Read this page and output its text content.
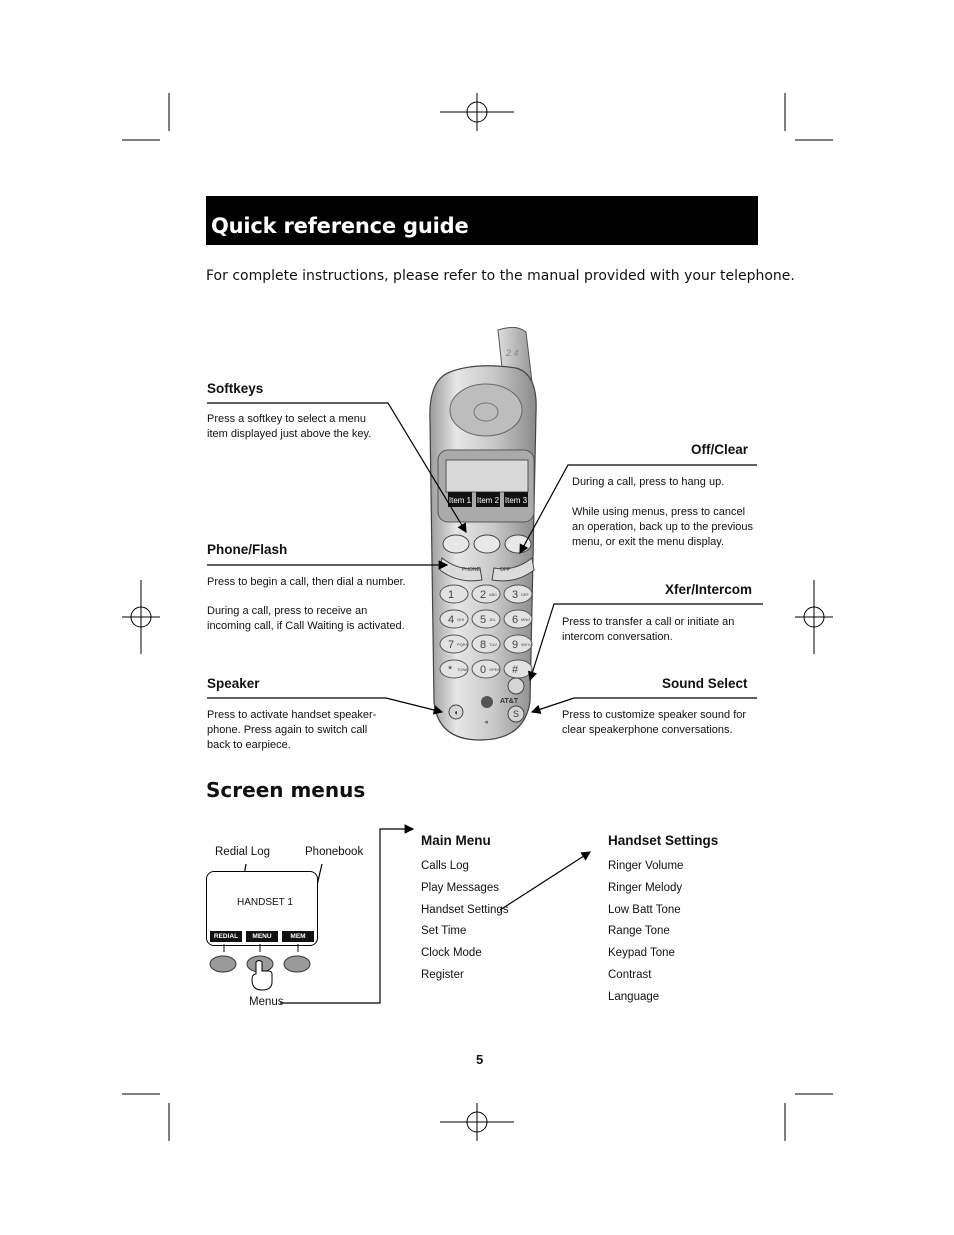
Quick reference guide
For complete instructions, please refer to the manual provided with your telephone.
2.4
Item 1 Item 2 Item 3
PHONE	OFF
1 2 ABC 3 DEF
4 GHI 5 JKL 6 MNO
7 PQRS 8 TUV 9 WXYZ
* TONE 0 OPER #
◖
AT&T
S
◂
Softkeys
Press a softkey to select a menu item displayed just above the key.
Phone/Flash
Press to begin a call, then dial a number.
During a call, press to receive an incoming call, if Call Waiting is activated.
Speaker
Press to activate handset speaker-phone. Press again to switch call back to earpiece.
Off/Clear
During a call, press to hang up.
While using menus, press to cancel an operation, back up to the previous menu, or exit the menu display.
Xfer/Intercom
Press to transfer a call or initiate an intercom conversation.
Sound Select
Press to customize speaker sound for clear speakerphone conversations.
Screen menus
Redial Log	Phonebook
HANDSET 1
REDIAL	MENU	MEM
Menus
Main Menu
Calls Log
Play Messages
Handset Settings
Set Time
Clock Mode
Register
Handset Settings
Ringer Volume
Ringer Melody
Low Batt Tone
Range Tone
Keypad Tone
Contrast
Language
5
